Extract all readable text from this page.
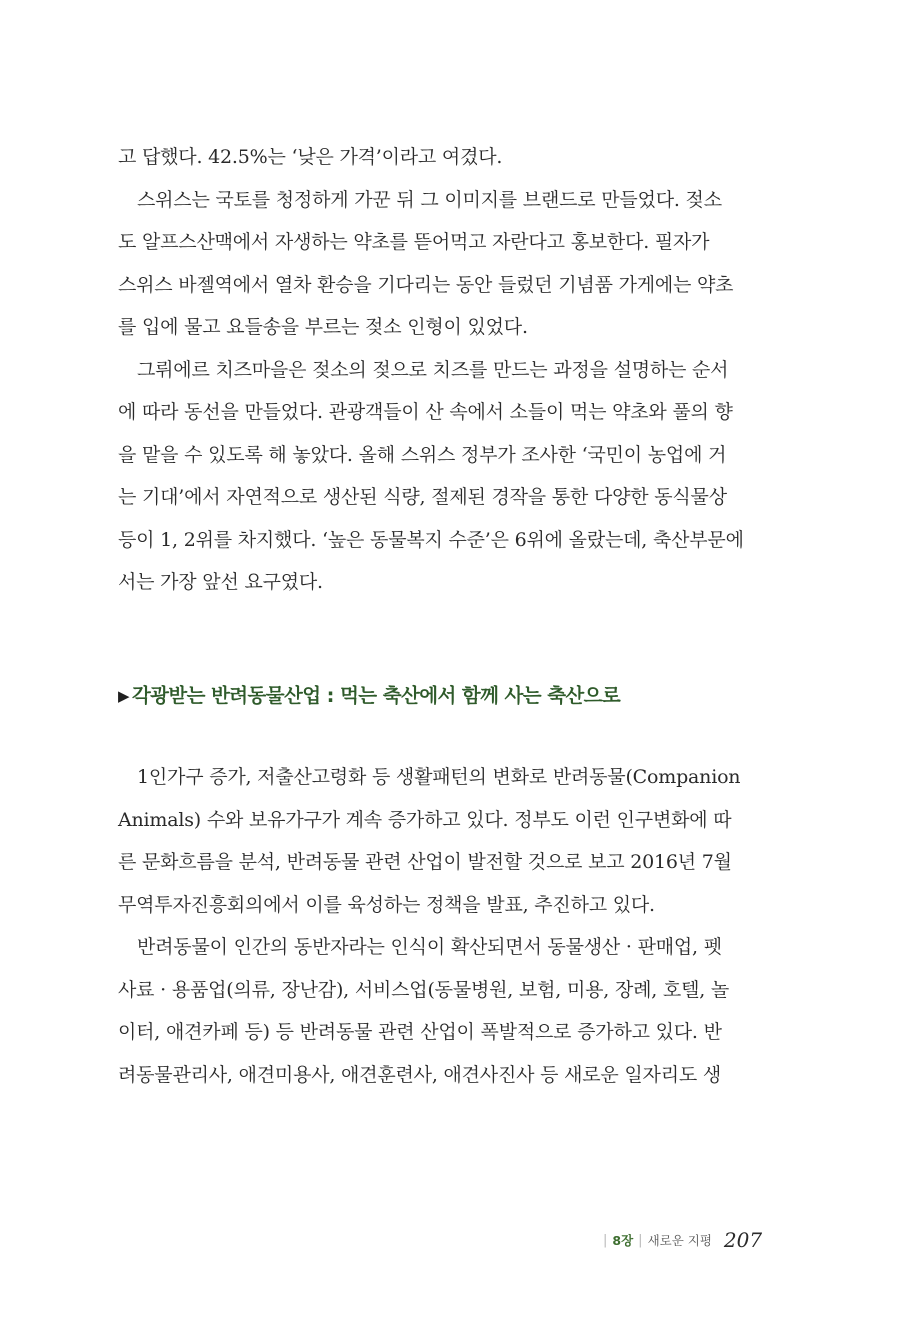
고 답했다. 42.5%는 ‘낮은 가격’이라고 여겼다.
스위스는 국토를 청정하게 가꾼 뒤 그 이미지를 브랜드로 만들었다. 젖소
도 알프스산맥에서 자생하는 약초를 뜯어먹고 자란다고 홍보한다. 필자가
스위스 바젤역에서 열차 환승을 기다리는 동안 들렀던 기념품 가게에는 약초
를 입에 물고 요들송을 부르는 젖소 인형이 있었다.
그뤼에르 치즈마을은 젖소의 젖으로 치즈를 만드는 과정을 설명하는 순서
에 따라 동선을 만들었다. 관광객들이 산 속에서 소들이 먹는 약초와 풀의 향
을 맡을 수 있도록 해 놓았다. 올해 스위스 정부가 조사한 ‘국민이 농업에 거
는 기대’에서 자연적으로 생산된 식량, 절제된 경작을 통한 다양한 동식물상
등이 1, 2위를 차지했다. ‘높은 동물복지 수준’은 6위에 올랐는데, 축산부문에
서는 가장 앞선 요구였다.
▶ 각광받는 반려동물산업 : 먹는 축산에서 함께 사는 축산으로
1인가구 증가, 저출산고령화 등 생활패턴의 변화로 반려동물(Companion
Animals) 수와 보유가구가 계속 증가하고 있다. 정부도 이런 인구변화에 따
른 문화흐름을 분석, 반려동물 관련 산업이 발전할 것으로 보고 2016년 7월
무역투자진흥회의에서 이를 육성하는 정책을 발표, 추진하고 있다.
반려동물이 인간의 동반자라는 인식이 확산되면서 동물생산 · 판매업, 펫
사료 · 용품업(의류, 장난감), 서비스업(동물병원, 보험, 미용, 장례, 호텔, 놀
이터, 애견카페 등) 등 반려동물 관련 산업이 폭발적으로 증가하고 있다. 반
려동물관리사, 애견미용사, 애견훈련사, 애견사진사 등 새로운 일자리도 생
| 8장 | 새로운 지평 207
